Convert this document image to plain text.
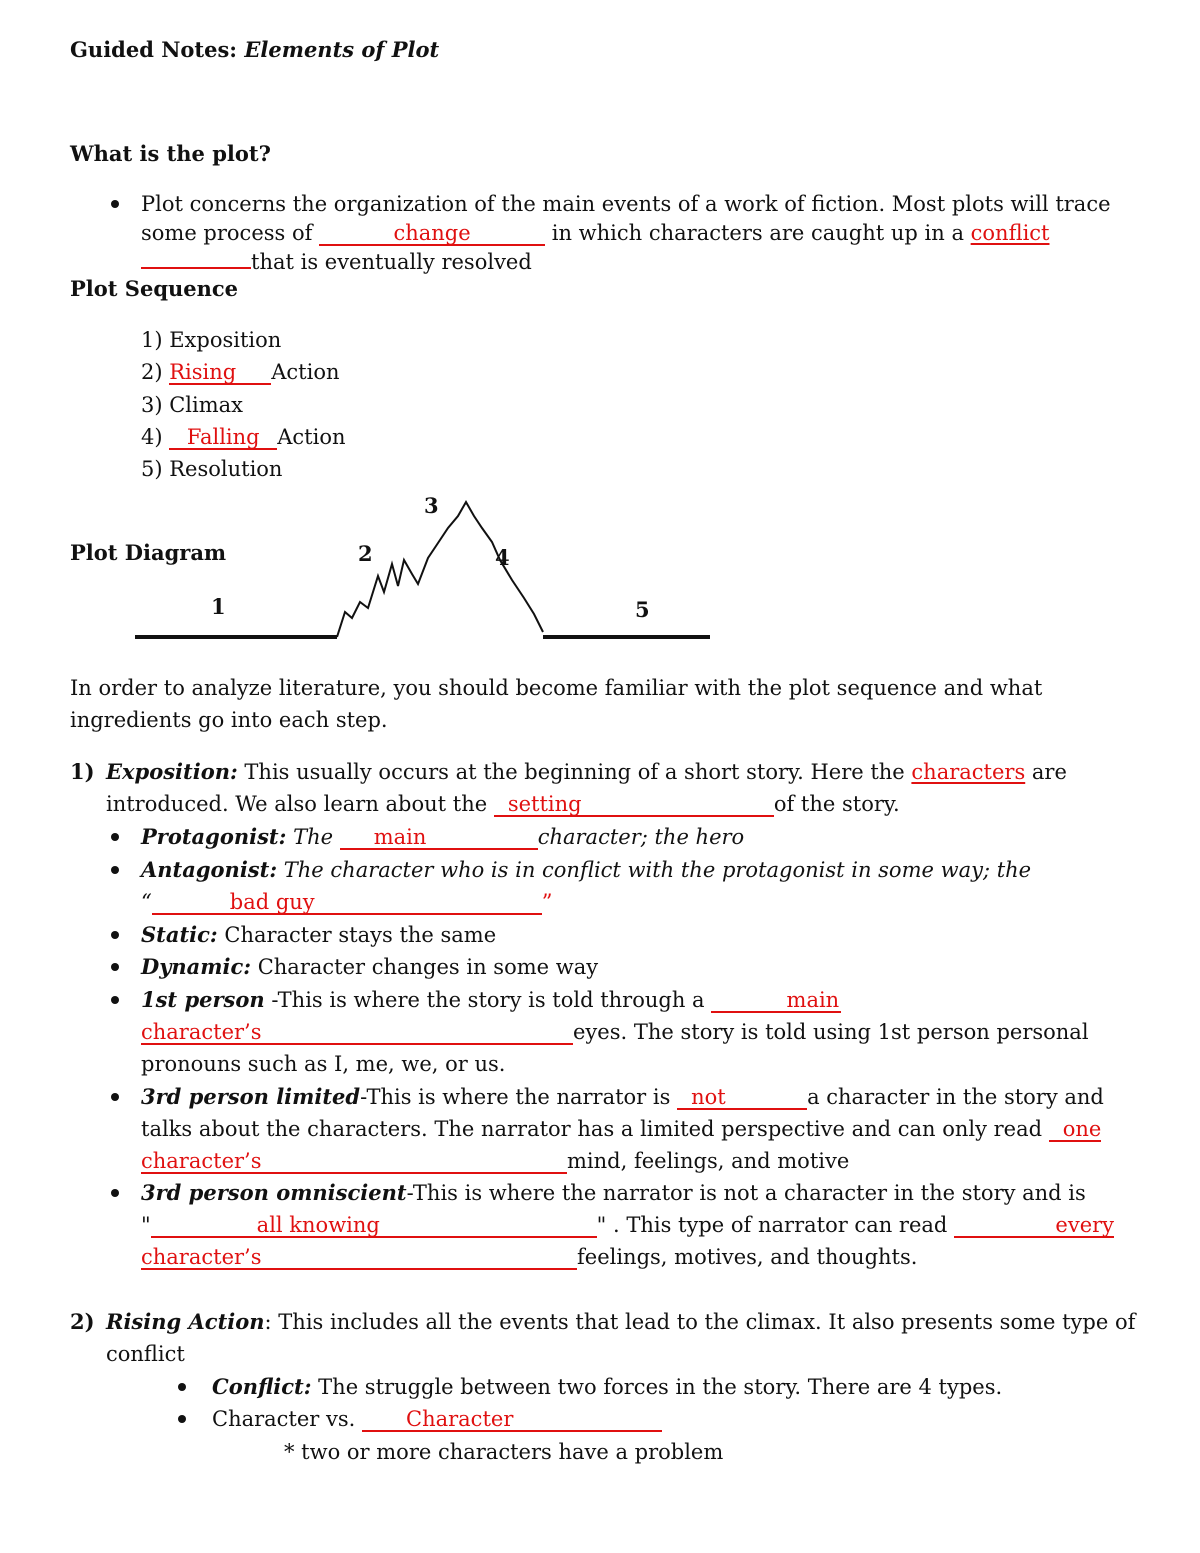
Guided Notes: Elements of Plot
What is the plot?
Plot concerns the organization of the main events of a work of fiction. Most plots will trace
some process of	change	in which characters are caught up in a conflict
that is eventually resolved
Plot Sequence
1) Exposition
2) Rising Action
3) Climax
4) Falling Action
5) Resolution
Plot Diagram
1
2
3
4
5
In order to analyze literature, you should become familiar with the plot sequence and what
ingredients go into each step.
1) Exposition: This usually occurs at the beginning of a short story. Here the characters are
introduced. We also learn about the setting	of the story.
Protagonist: The main	character; the hero
Antagonist: The character who is in conflict with the protagonist in some way; the
“	bad guy	”
Static: Character stays the same
Dynamic: Character changes in some way
1st person -This is where the story is told through a	main
character’s	eyes. The story is told using 1st person personal
pronouns such as I, me, we, or us.
3rd person limited-This is where the narrator is not	a character in the story and
talks about the characters. The narrator has a limited perspective and can only read one
character’s	mind, feelings, and motive
3rd person omniscient-This is where the narrator is not a character in the story and is
"	all knowing	" . This type of narrator can read	every
character’s	feelings, motives, and thoughts.
2) Rising Action: This includes all the events that lead to the climax. It also presents some type of
conflict
Conflict: The struggle between two forces in the story. There are 4 types.
Character vs. Character
* two or more characters have a problem
